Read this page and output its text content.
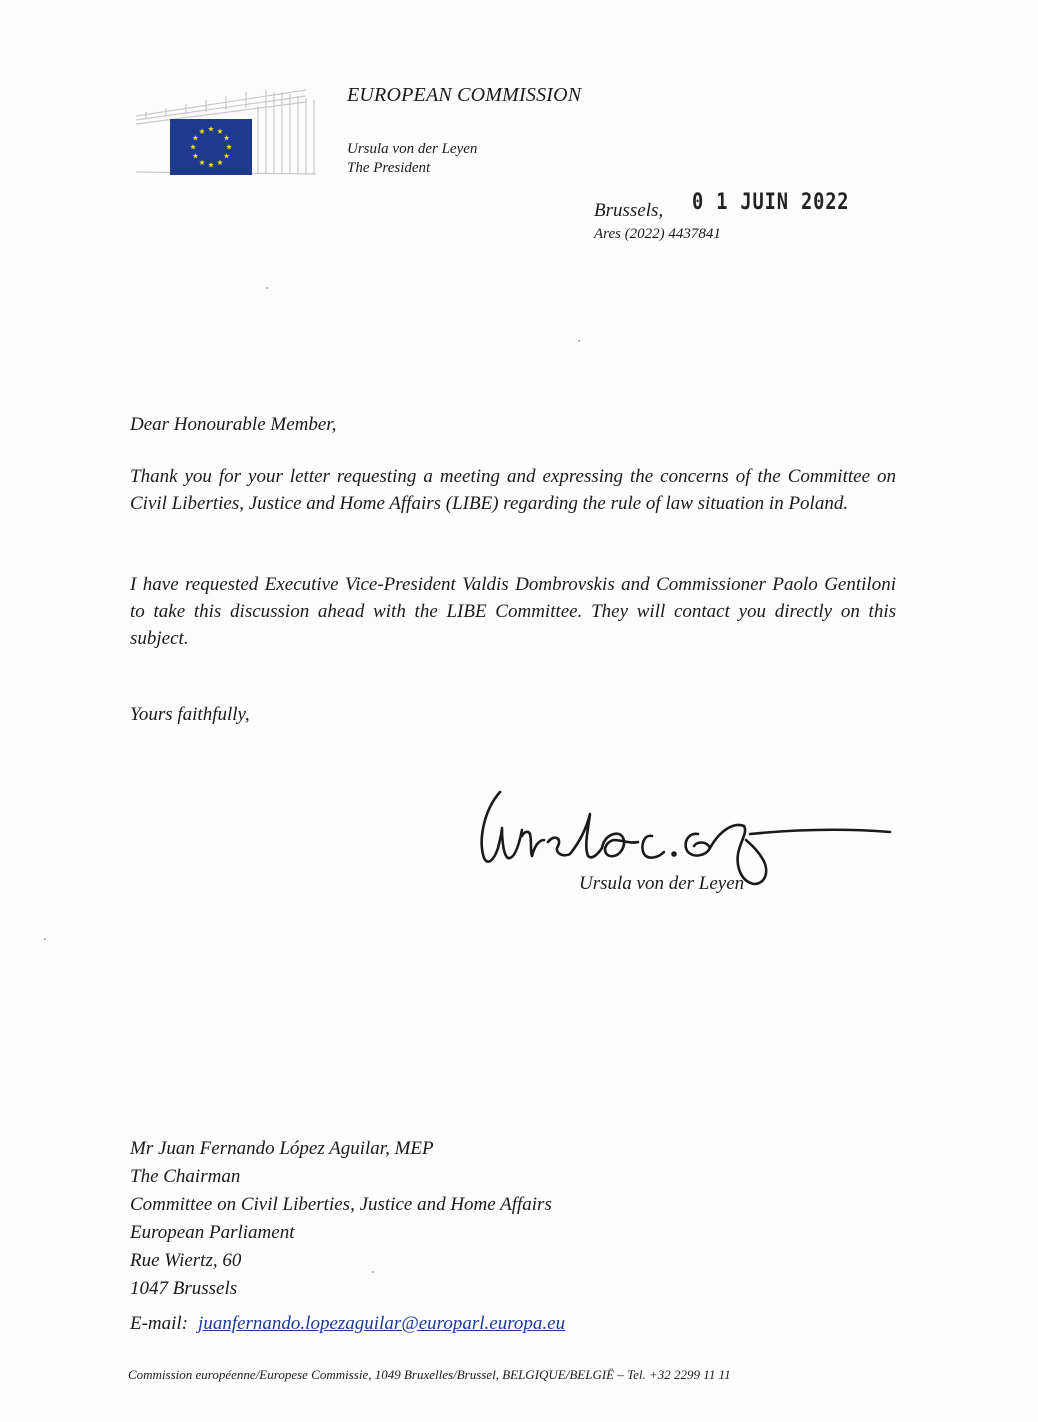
EUROPEAN COMMISSION
Ursula von der Leyen
The President
Brussels, 0 1 JUIN 2022
Ares (2022) 4437841
Dear Honourable Member,

Thank you for your letter requesting a meeting and expressing the concerns of the Committee on Civil Liberties, Justice and Home Affairs (LIBE) regarding the rule of law situation in Poland.

I have requested Executive Vice-President Valdis Dombrovskis and Commissioner Paolo Gentiloni to take this discussion ahead with the LIBE Committee. They will contact you directly on this subject.

Yours faithfully,
Ursula von der Leyen
Mr Juan Fernando López Aguilar, MEP
The Chairman
Committee on Civil Liberties, Justice and Home Affairs
European Parliament
Rue Wiertz, 60
1047 Brussels
E-mail: juanfernando.lopezaguilar@europarl.europa.eu
Commission européenne/Europese Commissie, 1049 Bruxelles/Brussel, BELGIQUE/BELGIË – Tel. +32 2299 11 11
